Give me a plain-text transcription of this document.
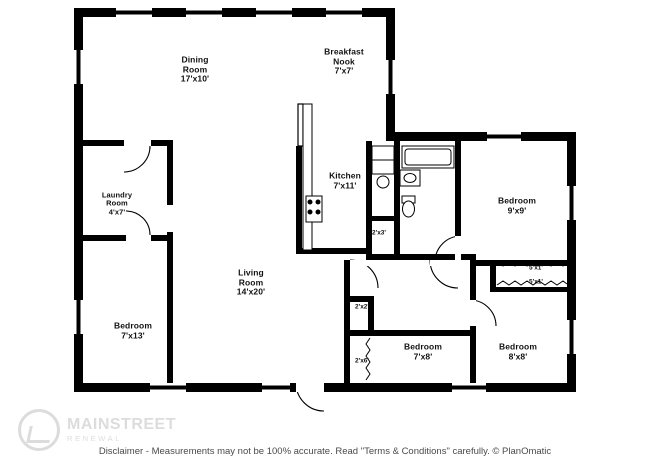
Dining
Room
17'x10'
Breakfast
Nook
7'x7'
Kitchen
7'x11'
Laundry
Room
4'x7'
Living
Room
14'x20'
Bedroom
7'x13'
Bedroom
9'x9'
Bedroom
7'x8'
Bedroom
8'x8'
2'x3'
5'x1'
5'x1'
2'x2'
2'x6'
MAINSTREET
RENEWAL
Disclaimer - Measurements may not be 100% accurate. Read "Terms & Conditions" carefully. © PlanOmatic
